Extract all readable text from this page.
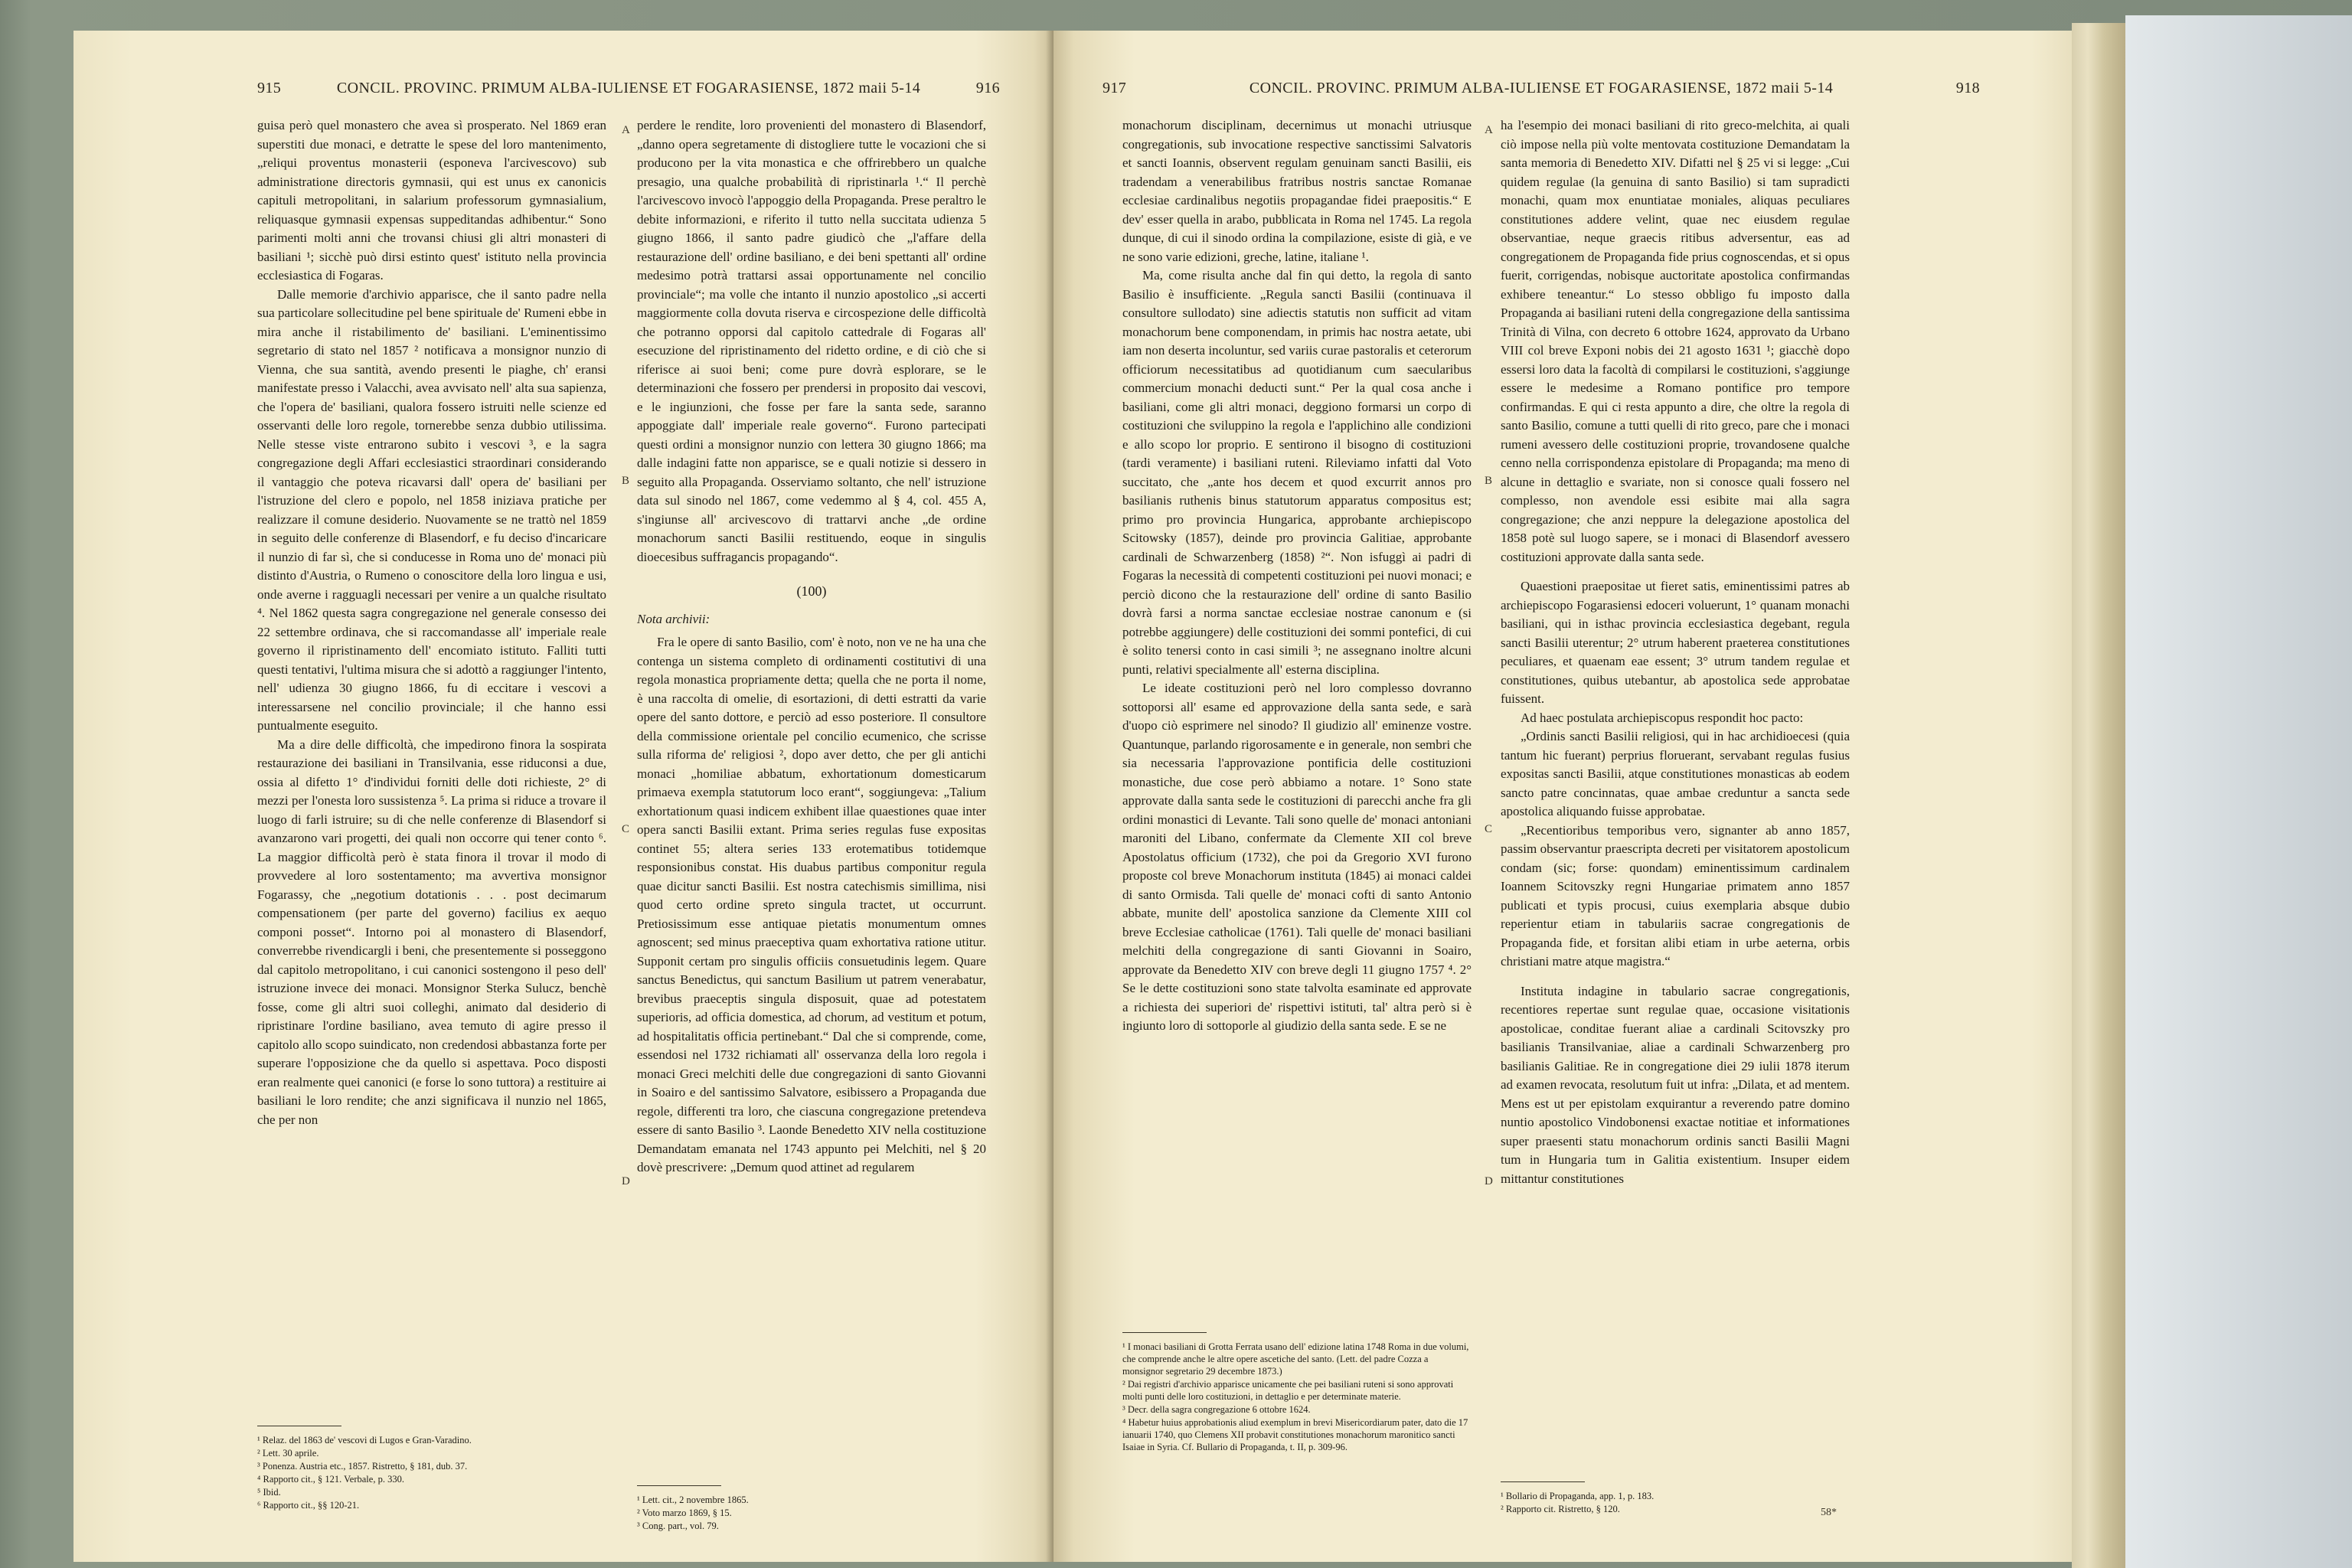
915	CONCIL. PROVINC. PRIMUM ALBA-IULIENSE ET FOGARASIENSE, 1872 maii 5-14	916

guisa però quel monastero che avea sì prosperato. Nel 1869 eran superstiti due monaci, e detratte le spese del loro mantenimento, „reliqui proventus monasterii (esponeva l'arcivescovo) sub administratione directoris gymnasii, qui est unus ex canonicis capituli metropolitani, in salarium professorum gymnasialium, reliquasque gymnasii expensas suppeditandas adhibentur.“ Sono parimenti molti anni che trovansi chiusi gli altri monasteri di basiliani ¹; sicchè può dirsi estinto quest' istituto nella provincia ecclesiastica di Fogaras.

Dalle memorie d'archivio apparisce, che il santo padre nella sua particolare sollecitudine pel bene spirituale de' Rumeni ebbe in mira anche il ristabilimento de' basiliani. L'eminentissimo segretario di stato nel 1857 ² notificava a monsignor nunzio di Vienna, che sua santità, avendo presenti le piaghe, ch' eransi manifestate presso i Valacchi, avea avvisato nell' alta sua sapienza, che l'opera de' basiliani, qualora fossero istruiti nelle scienze ed osservanti delle loro regole, tornerebbe senza dubbio utilissima. Nelle stesse viste entrarono subito i vescovi ³, e la sagra congregazione degli Affari ecclesiastici straordinari considerando il vantaggio che poteva ricavarsi dall' opera de' basiliani per l'istruzione del clero e popolo, nel 1858 iniziava pratiche per realizzare il comune desiderio. Nuovamente se ne trattò nel 1859 in seguito delle conferenze di Blasendorf, e fu deciso d'incaricare il nunzio di far sì, che si conducesse in Roma uno de' monaci più distinto d'Austria, o Rumeno o conoscitore della loro lingua e usi, onde averne i ragguagli necessari per venire a un qualche risultato ⁴. Nel 1862 questa sagra congregazione nel generale consesso dei 22 settembre ordinava, che si raccomandasse all' imperiale reale governo il ripristinamento dell' encomiato istituto. Falliti tutti questi tentativi, l'ultima misura che si adottò a raggiunger l'intento, nell' udienza 30 giugno 1866, fu di eccitare i vescovi a interessarsene nel concilio provinciale; il che hanno essi puntualmente eseguito.

Ma a dire delle difficoltà, che impedirono finora la sospirata restaurazione dei basiliani in Transilvania, esse riduconsi a due, ossia al difetto 1° d'individui forniti delle doti richieste, 2° di mezzi per l'onesta loro sussistenza ⁵. La prima si riduce a trovare il luogo di farli istruire; su di che nelle conferenze di Blasendorf si avanzarono vari progetti, dei quali non occorre qui tener conto ⁶. La maggior difficoltà però è stata finora il trovar il modo di provvedere al loro sostentamento; ma avvertiva monsignor Fogarassy, che „negotium dotationis . . . post decimarum compensationem (per parte del governo) facilius ex aequo componi posset“. Intorno poi al monastero di Blasendorf, converrebbe rivendicargli i beni, che presentemente si posseggono dal capitolo metropolitano, i cui canonici sostengono il peso dell' istruzione invece dei monaci. Monsignor Sterka Sulucz, benchè fosse, come gli altri suoi colleghi, animato dal desiderio di ripristinare l'ordine basiliano, avea temuto di agire presso il capitolo allo scopo suindicato, non credendosi abbastanza forte per superare l'opposizione che da quello si aspettava. Poco disposti eran realmente quei canonici (e forse lo sono tuttora) a restituire ai basiliani le loro rendite; che anzi significava il nunzio nel 1865, che per non

¹ Relaz. del 1863 de' vescovi di Lugos e Gran-Varadino.
² Lett. 30 aprile.
³ Ponenza. Austria etc., 1857. Ristretto, § 181, dub. 37.
⁴ Rapporto cit., § 121. Verbale, p. 330.
⁵ Ibid.
⁶ Rapporto cit., §§ 120-21.
A
B
C
D

perdere le rendite, loro provenienti del monastero di Blasendorf, „danno opera segretamente di distogliere tutte le vocazioni che si producono per la vita monastica e che offrirebbero un qualche presagio, una qualche probabilità di ripristinarla ¹.“ Il perchè l'arcivescovo invocò l'appoggio della Propaganda. Prese peraltro le debite informazioni, e riferito il tutto nella succitata udienza 5 giugno 1866, il santo padre giudicò che „l'affare della restaurazione dell' ordine basiliano, e dei beni spettanti all' ordine medesimo potrà trattarsi assai opportunamente nel concilio provinciale“; ma volle che intanto il nunzio apostolico „si accerti maggiormente colla dovuta riserva e circospezione delle difficoltà che potranno opporsi dal capitolo cattedrale di Fogaras all' esecuzione del ripristinamento del ridetto ordine, e di ciò che si riferisce ai suoi beni; come pure dovrà esplorare, se le determinazioni che fossero per prendersi in proposito dai vescovi, e le ingiunzioni, che fosse per fare la santa sede, saranno appoggiate dall' imperiale reale governo“. Furono partecipati questi ordini a monsignor nunzio con lettera 30 giugno 1866; ma dalle indagini fatte non apparisce, se e quali notizie si dessero in seguito alla Propaganda. Osserviamo soltanto, che nell' istruzione data sul sinodo nel 1867, come vedemmo al § 4, col. 455 A, s'ingiunse all' arcivescovo di trattarvi anche „de ordine monachorum sancti Basilii restituendo, eoque in singulis dioecesibus suffragancis propagando“.

(100)
Nota archivii:

Fra le opere di santo Basilio, com' è noto, non ve ne ha una che contenga un sistema completo di ordinamenti costitutivi di una regola monastica propriamente detta; quella che ne porta il nome, è una raccolta di omelie, di esortazioni, di detti estratti da varie opere del santo dottore, e perciò ad esso posteriore. Il consultore della commissione orientale pel concilio ecumenico, che scrisse sulla riforma de' religiosi ², dopo aver detto, che per gli antichi monaci „homiliae abbatum, exhortationum domesticarum primaeva exempla statutorum loco erant“, soggiungeva: „Talium exhortationum quasi indicem exhibent illae quaestiones quae inter opera sancti Basilii extant. Prima series regulas fuse expositas continet 55; altera series 133 erotematibus totidemque responsionibus constat. His duabus partibus componitur regula quae dicitur sancti Basilii. Est nostra catechismis simillima, nisi quod certo ordine spreto singula tractet, ut occurrunt. Pretiosissimum esse antiquae pietatis monumentum omnes agnoscent; sed minus praeceptiva quam exhortativa ratione utitur. Supponit certam pro singulis officiis consuetudinis legem. Quare sanctus Benedictus, qui sanctum Basilium ut patrem venerabatur, brevibus praeceptis singula disposuit, quae ad potestatem superioris, ad officia domestica, ad chorum, ad vestitum et potum, ad hospitalitatis officia pertinebant.“ Dal che si comprende, come, essendosi nel 1732 richiamati all' osservanza della loro regola i monaci Greci melchiti delle due congregazioni di santo Giovanni in Soairo e del santissimo Salvatore, esibissero a Propaganda due regole, differenti tra loro, che ciascuna congregazione pretendeva essere di santo Basilio ³. Laonde Benedetto XIV nella costituzione Demandatam emanata nel 1743 appunto pei Melchiti, nel § 20 dovè prescrivere: „Demum quod attinet ad regularem

¹ Lett. cit., 2 novembre 1865.
² Voto marzo 1869, § 15.
³ Cong. part., vol. 79.
917	CONCIL. PROVINC. PRIMUM ALBA-IULIENSE ET FOGARASIENSE, 1872 maii 5-14	918

monachorum disciplinam, decernimus ut monachi utriusque congregationis, sub invocatione respective sanctissimi Salvatoris et sancti Ioannis, observent regulam genuinam sancti Basilii, eis tradendam a venerabilibus fratribus nostris sanctae Romanae ecclesiae cardinalibus negotiis propagandae fidei praepositis.“ E dev' esser quella in arabo, pubblicata in Roma nel 1745. La regola dunque, di cui il sinodo ordina la compilazione, esiste di già, e ve ne sono varie edizioni, greche, latine, italiane ¹.

Ma, come risulta anche dal fin qui detto, la regola di santo Basilio è insufficiente. „Regula sancti Basilii (continuava il consultore sullodato) sine adiectis statutis non sufficit ad vitam monachorum bene componendam, in primis hac nostra aetate, ubi iam non deserta incoluntur, sed variis curae pastoralis et ceterorum officiorum necessitatibus ad quotidianum cum saecularibus commercium monachi deducti sunt.“ Per la qual cosa anche i basiliani, come gli altri monaci, deggiono formarsi un corpo di costituzioni che sviluppino la regola e l'applichino alle condizioni e allo scopo lor proprio. E sentirono il bisogno di costituzioni (tardi veramente) i basiliani ruteni. Rileviamo infatti dal Voto succitato, che „ante hos decem et quod excurrit annos pro basilianis ruthenis binus statutorum apparatus compositus est; primo pro provincia Hungarica, approbante archiepiscopo Scitowsky (1857), deinde pro provincia Galitiae, approbante cardinali de Schwarzenberg (1858) ²“. Non isfuggì ai padri di Fogaras la necessità di competenti costituzioni pei nuovi monaci; e perciò dicono che la restaurazione dell' ordine di santo Basilio dovrà farsi a norma sanctae ecclesiae nostrae canonum e (si potrebbe aggiungere) delle costituzioni dei sommi pontefici, di cui è solito tenersi conto in casi simili ³; ne assegnano inoltre alcuni punti, relativi specialmente all' esterna disciplina.

Le ideate costituzioni però nel loro complesso dovranno sottoporsi all' esame ed approvazione della santa sede, e sarà d'uopo ciò esprimere nel sinodo? Il giudizio all' eminenze vostre. Quantunque, parlando rigorosamente e in generale, non sembri che sia necessaria l'approvazione pontificia delle costituzioni monastiche, due cose però abbiamo a notare. 1° Sono state approvate dalla santa sede le costituzioni di parecchi anche fra gli ordini monastici di Levante. Tali sono quelle de' monaci antoniani maroniti del Libano, confermate da Clemente XII col breve Apostolatus officium (1732), che poi da Gregorio XVI furono proposte col breve Monachorum instituta (1845) ai monaci caldei di santo Ormisda. Tali quelle de' monaci cofti di santo Antonio abbate, munite dell' apostolica sanzione da Clemente XIII col breve Ecclesiae catholicae (1761). Tali quelle de' monaci basiliani melchiti della congregazione di santi Giovanni in Soairo, approvate da Benedetto XIV con breve degli 11 giugno 1757 ⁴. 2° Se le dette costituzioni sono state talvolta esaminate ed approvate a richiesta dei superiori de' rispettivi istituti, tal' altra però si è ingiunto loro di sottoporle al giudizio della santa sede. E se ne

¹ I monaci basiliani di Grotta Ferrata usano dell' edizione latina 1748 Roma in due volumi, che comprende anche le altre opere ascetiche del santo. (Lett. del padre Cozza a monsignor segretario 29 decembre 1873.)
² Dai registri d'archivio apparisce unicamente che pei basiliani ruteni si sono approvati molti punti delle loro costituzioni, in dettaglio e per determinate materie.
³ Decr. della sagra congregazione 6 ottobre 1624.
⁴ Habetur huius approbationis aliud exemplum in brevi Misericordiarum pater, dato die 17 ianuarii 1740, quo Clemens XII probavit constitutiones monachorum maronitico sancti Isaiae in Syria. Cf. Bullario di Propaganda, t. II, p. 309-96.
A
B
C
D

ha l'esempio dei monaci basiliani di rito greco-melchita, ai quali ciò impose nella più volte mentovata costituzione Demandatam la santa memoria di Benedetto XIV. Difatti nel § 25 vi si legge: „Cui quidem regulae (la genuina di santo Basilio) si tam supradicti monachi, quam mox enuntiatae moniales, aliquas peculiares constitutiones addere velint, quae nec eiusdem regulae observantiae, neque graecis ritibus adversentur, eas ad congregationem de Propaganda fide prius cognoscendas, et si opus fuerit, corrigendas, nobisque auctoritate apostolica confirmandas exhibere teneantur.“ Lo stesso obbligo fu imposto dalla Propaganda ai basiliani ruteni della congregazione della santissima Trinità di Vilna, con decreto 6 ottobre 1624, approvato da Urbano VIII col breve Exponi nobis dei 21 agosto 1631 ¹; giacchè dopo essersi loro data la facoltà di compilarsi le costituzioni, s'aggiunge essere le medesime a Romano pontifice pro tempore confirmandas. E qui ci resta appunto a dire, che oltre la regola di santo Basilio, comune a tutti quelli di rito greco, pare che i monaci rumeni avessero delle costituzioni proprie, trovandosene qualche cenno nella corrispondenza epistolare di Propaganda; ma meno di alcune in dettaglio e svariate, non si conosce quali fossero nel complesso, non avendole essi esibite mai alla sagra congregazione; che anzi neppure la delegazione apostolica del 1858 potè sul luogo sapere, se i monaci di Blasendorf avessero costituzioni approvate dalla santa sede.

Quaestioni praepositae ut fieret satis, eminentissimi patres ab archiepiscopo Fogarasiensi edoceri voluerunt, 1° quanam monachi basiliani, qui in isthac provincia ecclesiastica degebant, regula sancti Basilii uterentur; 2° utrum haberent praeterea constitutiones peculiares, et quaenam eae essent; 3° utrum tandem regulae et constitutiones, quibus utebantur, ab apostolica sede approbatae fuissent.

Ad haec postulata archiepiscopus respondit hoc pacto:

„Ordinis sancti Basilii religiosi, qui in hac archidioecesi (quia tantum hic fuerant) perprius floruerant, servabant regulas fusius expositas sancti Basilii, atque constitutiones monasticas ab eodem sancto patre concinnatas, quae ambae creduntur a sancta sede apostolica aliquando fuisse approbatae.

„Recentioribus temporibus vero, signanter ab anno 1857, passim observantur praescripta decreti per visitatorem apostolicum condam (sic; forse: quondam) eminentissimum cardinalem Ioannem Scitovszky regni Hungariae primatem anno 1857 publicati et typis procusi, cuius exemplaria absque dubio reperientur etiam in tabulariis sacrae congregationis de Propaganda fide, et forsitan alibi etiam in urbe aeterna, orbis christiani matre atque magistra.“

Instituta indagine in tabulario sacrae congregationis, recentiores repertae sunt regulae quae, occasione visitationis apostolicae, conditae fuerant aliae a cardinali Scitovszky pro basilianis Transilvaniae, aliae a cardinali Schwarzenberg pro basilianis Galitiae. Re in congregatione diei 29 iulii 1878 iterum ad examen revocata, resolutum fuit ut infra: „Dilata, et ad mentem. Mens est ut per epistolam exquirantur a reverendo patre domino nuntio apostolico Vindobonensi exactae notitiae et informationes super praesenti statu monachorum ordinis sancti Basilii Magni tum in Hungaria tum in Galitia existentium. Insuper eidem mittantur constitutiones

¹ Bollario di Propaganda, app. 1, p. 183.
² Rapporto cit. Ristretto, § 120.	58*
